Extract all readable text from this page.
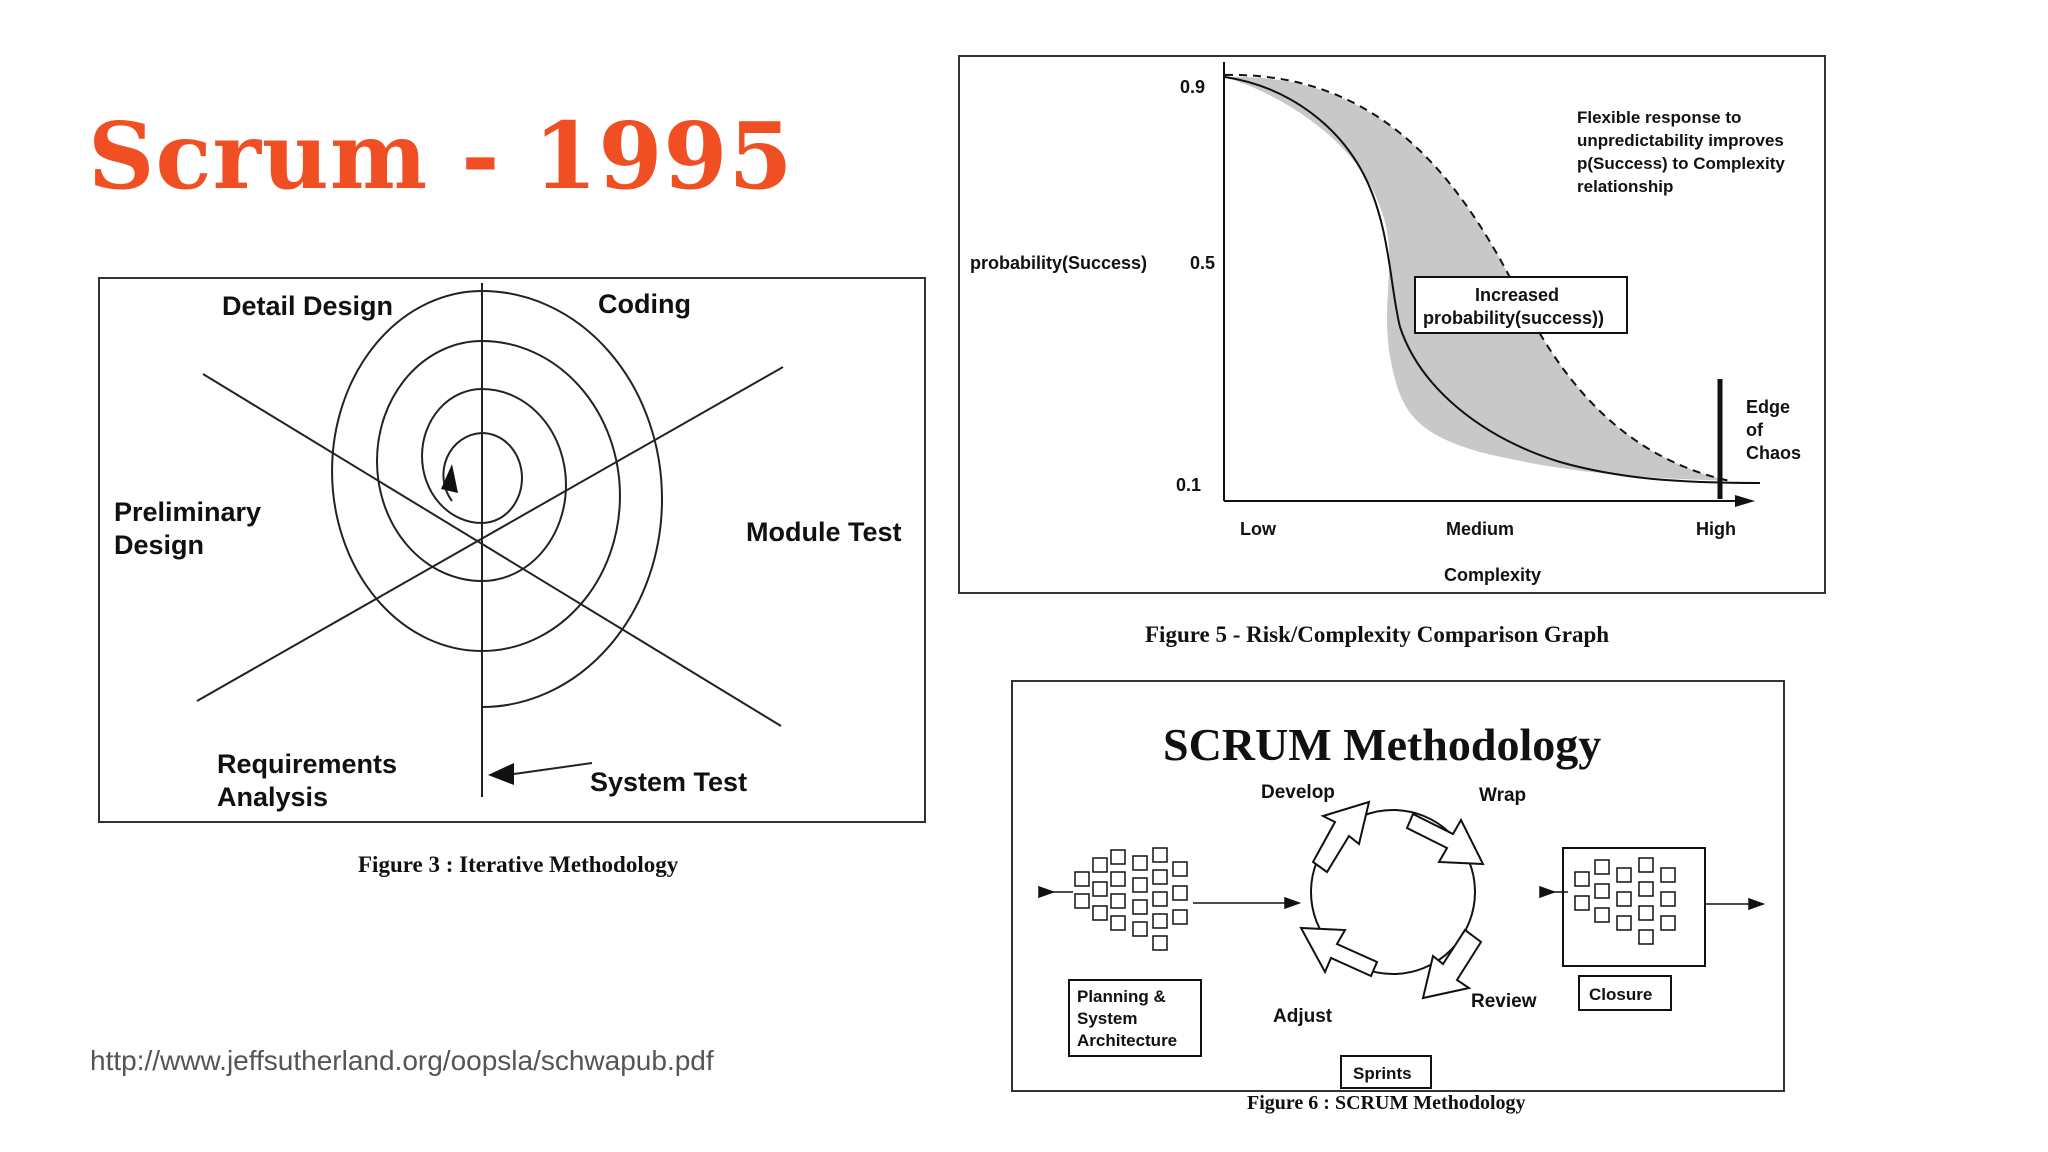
Scrum - 1995
Detail Design	Coding
Preliminary
Design	Module Test
Requirements
Analysis	System Test
Figure 3 : Iterative Methodology
0.9
0.5
0.1
probability(Success)
Low	Medium	High
Complexity
Flexible response to
unpredictability improves
p(Success) to Complexity
relationship
Increased
probability(success))
Edge
of
Chaos
Figure 5 - Risk/Complexity Comparison Graph
SCRUM Methodology
Develop	Wrap
Review
Adjust
Planning &
System
Architecture
Closure
Sprints
Figure 6 : SCRUM Methodology
http://www.jeffsutherland.org/oopsla/schwapub.pdf
